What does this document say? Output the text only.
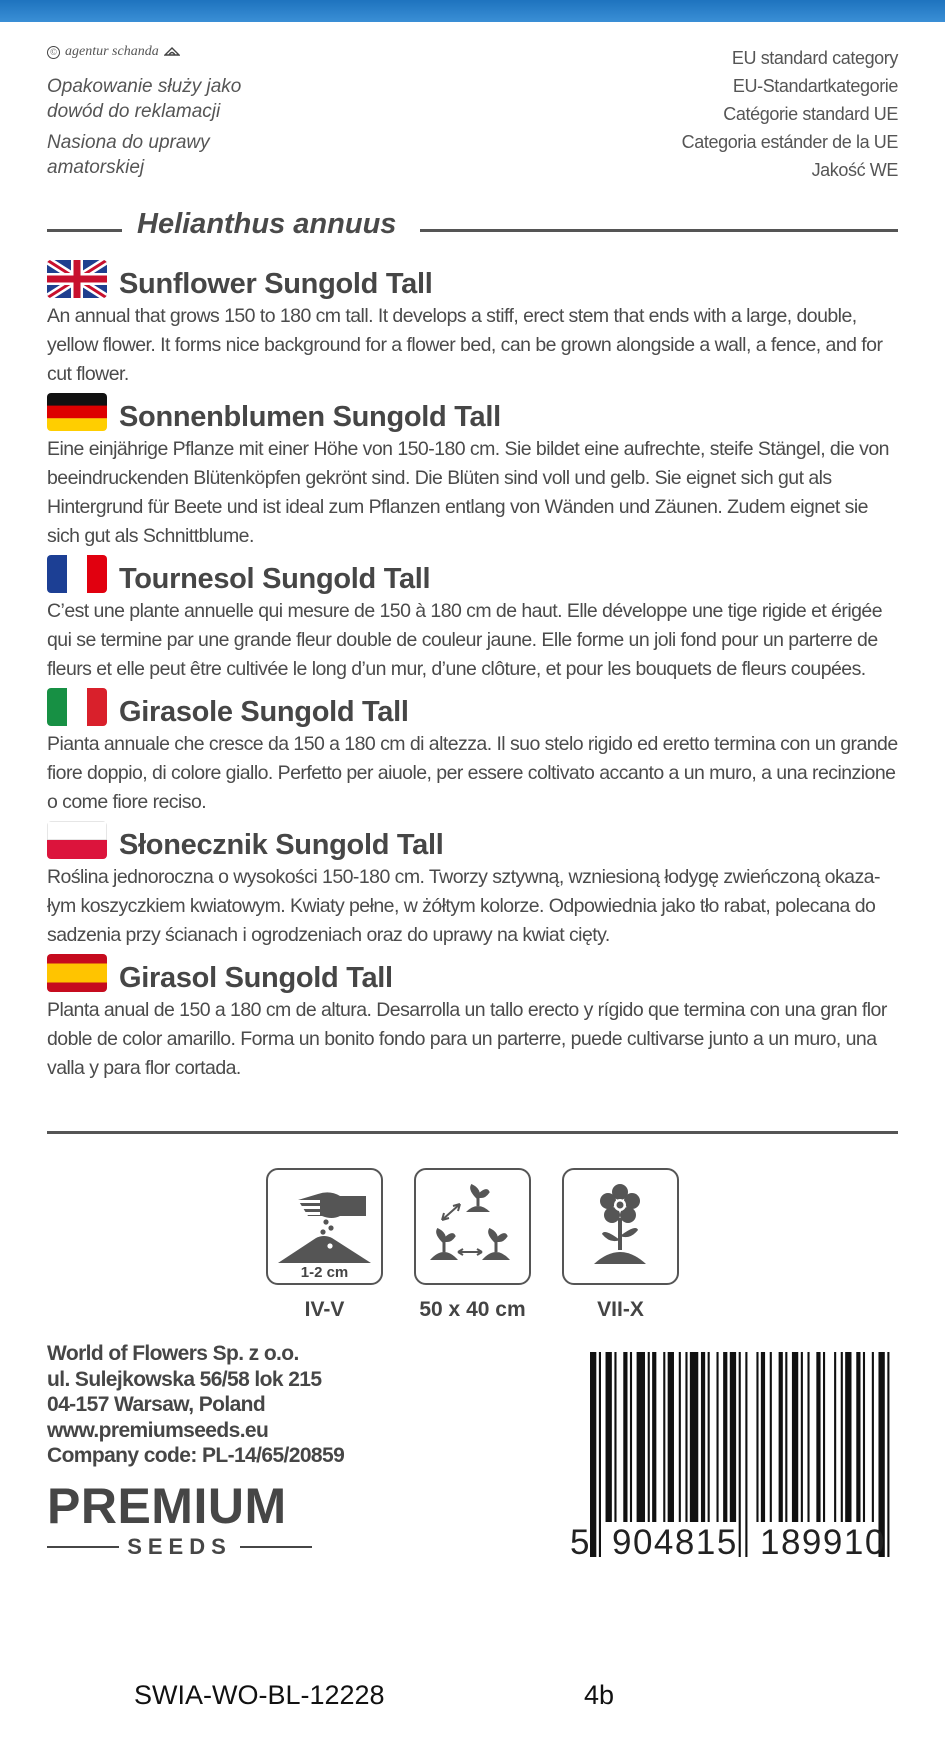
© agentur schanda

Opakowanie służy jako dowód do reklamacji

Nasiona do uprawy amatorskiej

EU standard category
EU-Standartkategorie
Catégorie standard UE
Categoria estánder de la UE
Jakość WE
Helianthus annuus
Sunflower Sungold Tall
An annual that grows 150 to 180 cm tall. It develops a stiff, erect stem that ends with a large, double, yellow flower. It forms nice background for a flower bed, can be grown alongside a wall, a fence, and for cut flower.
Sonnenblumen Sungold Tall
Eine einjährige Pflanze mit einer Höhe von 150-180 cm. Sie bildet eine aufrechte, steife Stängel, die von beeindruckenden Blütenköpfen gekrönt sind. Die Blüten sind voll und gelb. Sie eignet sich gut als Hintergrund für Beete und ist ideal zum Pflanzen entlang von Wänden und Zäunen. Zudem eignet sie sich gut als Schnittblume.
Tournesol Sungold Tall
C’est une plante annuelle qui mesure de 150 à 180 cm de haut. Elle développe une tige rigide et érigée qui se termine par une grande fleur double de couleur jaune. Elle forme un joli fond pour un parterre de fleurs et elle peut être cultivée le long d’un mur, d’une clôture, et pour les bouquets de fleurs coupées.
Girasole Sungold Tall
Pianta annuale che cresce da 150 a 180 cm di altezza. Il suo stelo rigido ed eretto termina con un grande fiore doppio, di colore giallo. Perfetto per aiuole, per essere coltivato accanto a un muro, a una recinzione o come fiore reciso.
Słonecznik Sungold Tall
Roślina jednoroczna o wysokości 150-180 cm. Tworzy sztywną, wzniesioną łodygę zwieńczoną okaza-łym koszyczkiem kwiatowym. Kwiaty pełne, w żółtym kolorze. Odpowiednia jako tło rabat, polecana do sadzenia przy ścianach i ogrodzeniach oraz do uprawy na kwiat cięty.
Girasol Sungold Tall
Planta anual de 150 a 180 cm de altura. Desarrolla un tallo erecto y rígido que termina con una gran flor doble de color amarillo. Forma un bonito fondo para un parterre, puede cultivarse junto a un muro, una valla y para flor cortada.
1-2 cm
IV-V	50 x 40 cm	VII-X
World of Flowers Sp. z o.o.
ul. Sulejkowska 56/58 lok 215
04-157 Warsaw, Poland
www.premiumseeds.eu
Company code: PL-14/65/20859
PREMIUM
SEEDS	5 904815 189910
SWIA-WO-BL-12228	4b
